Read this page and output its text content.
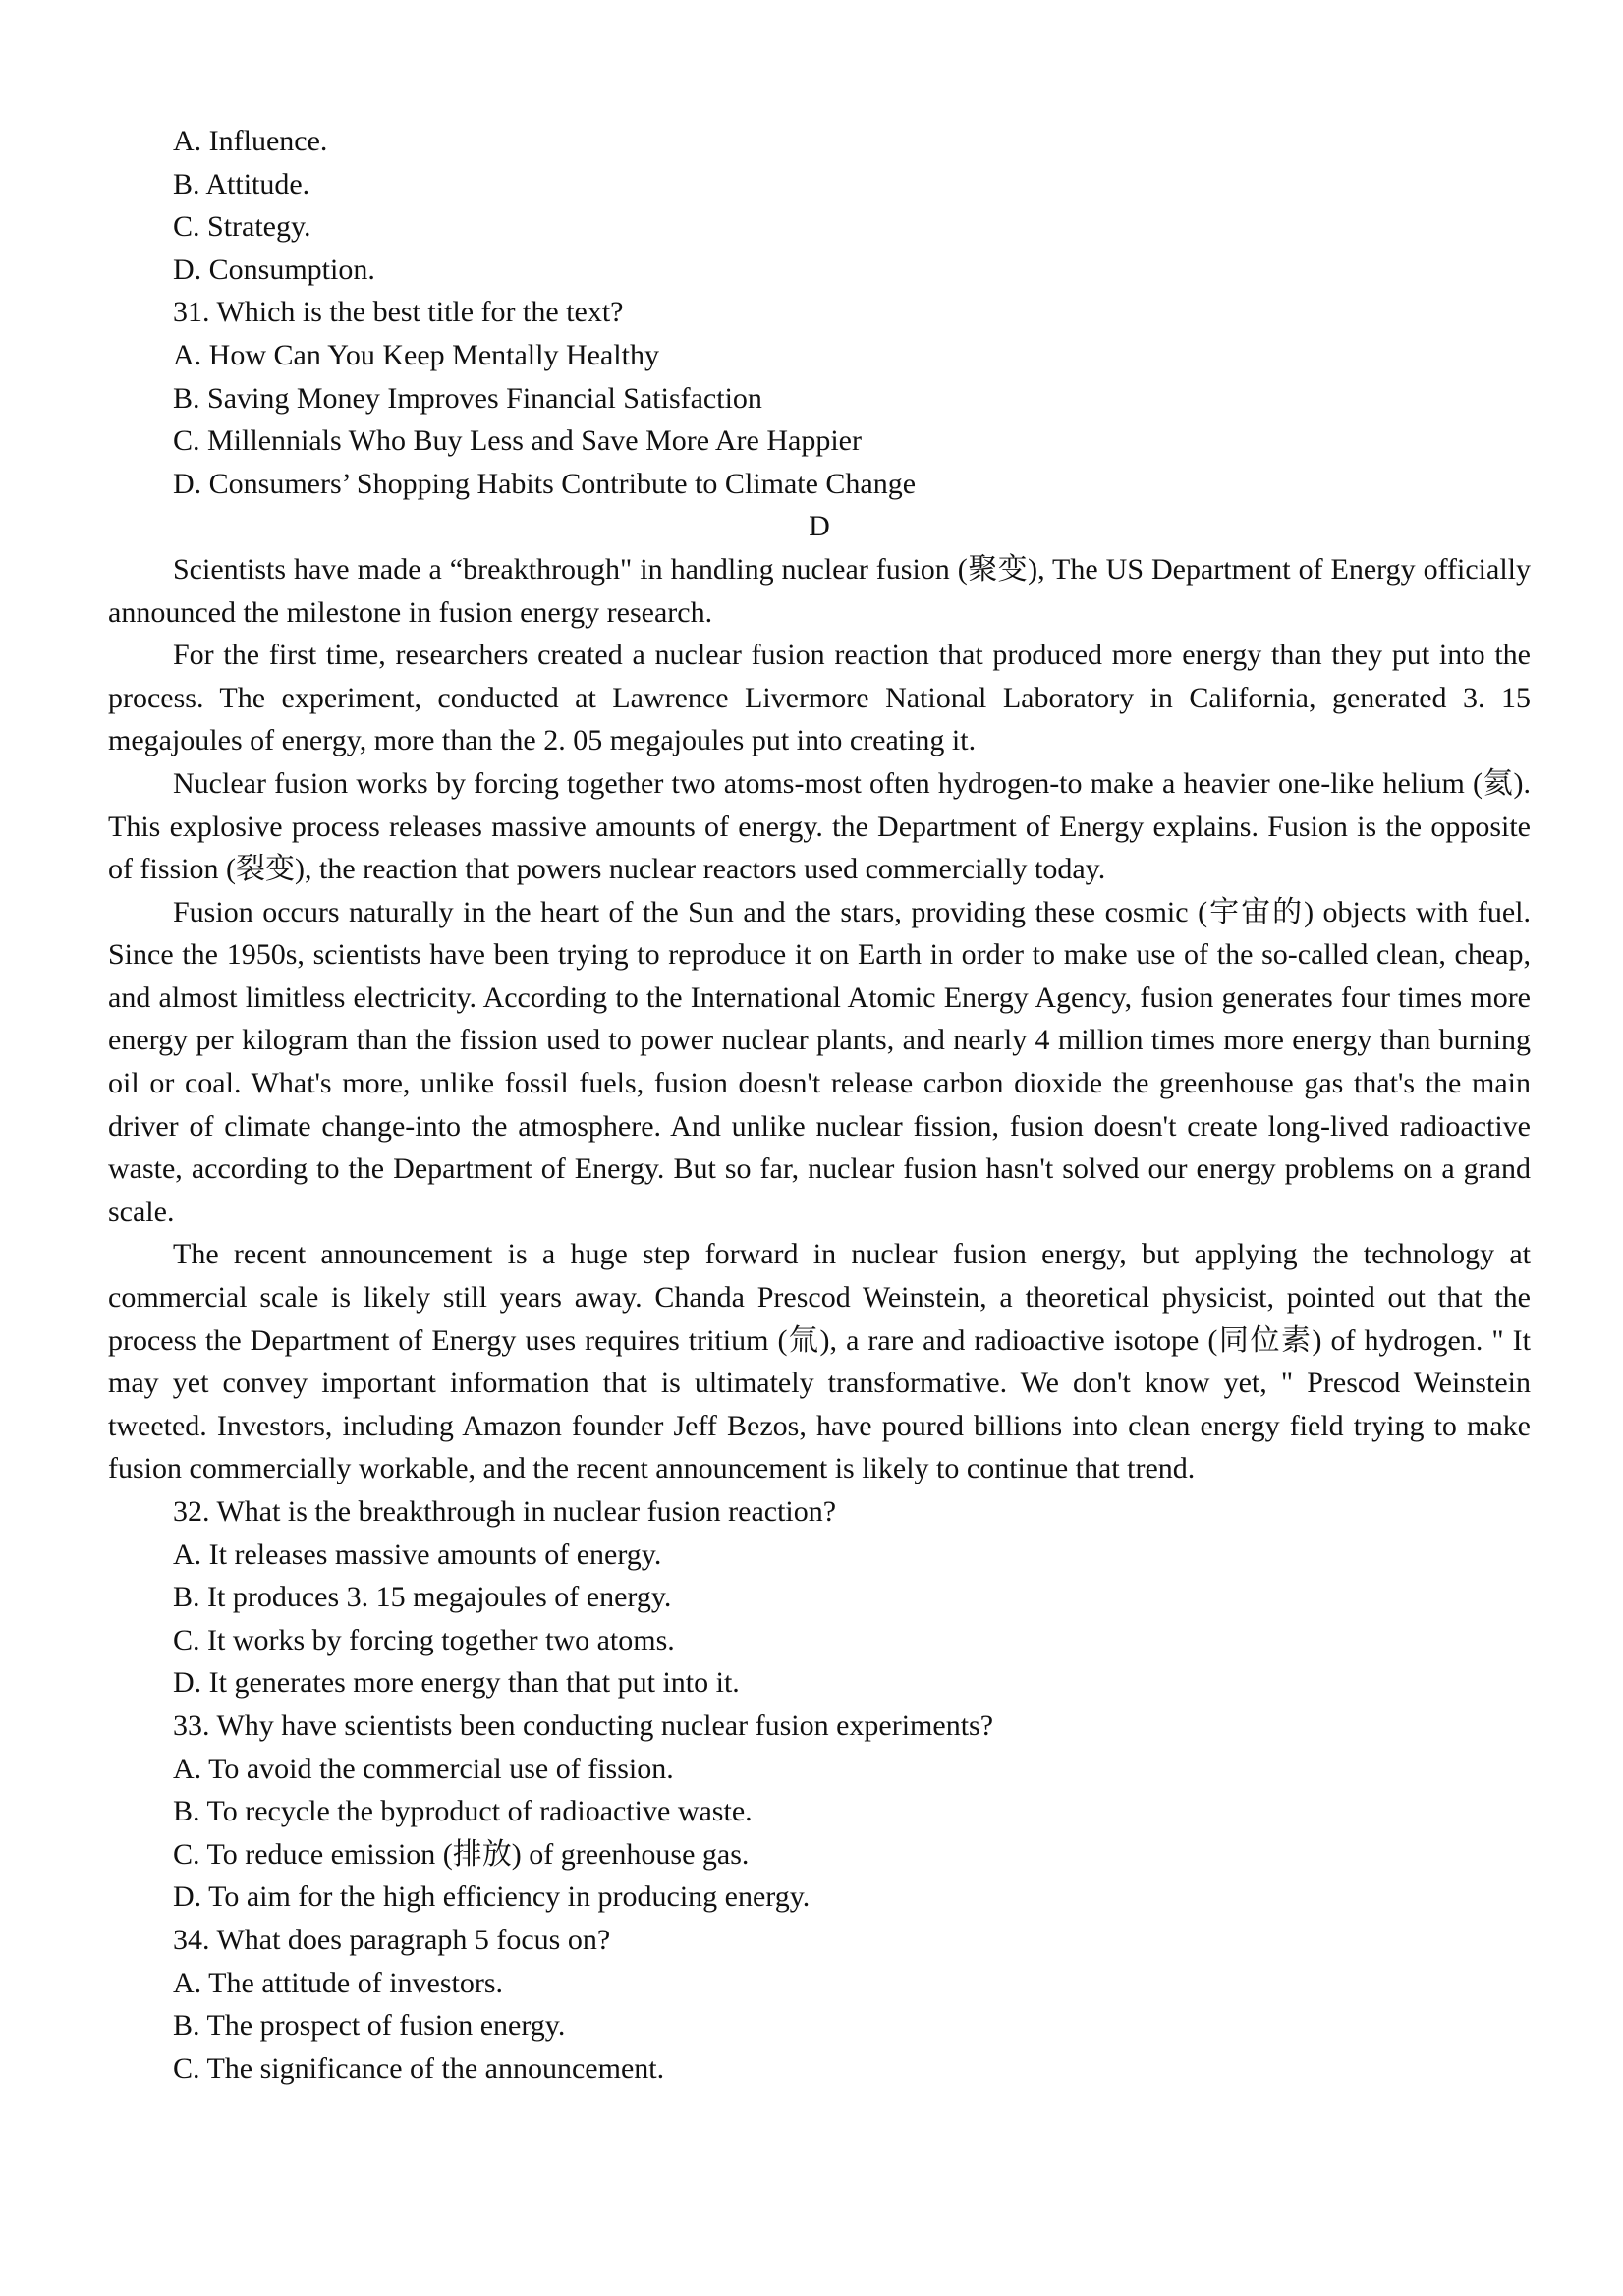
A. Influence.
B. Attitude.
C. Strategy.
D. Consumption.
31. Which is the best title for the text?
A. How Can You Keep Mentally Healthy
B. Saving Money Improves Financial Satisfaction
C. Millennials Who Buy Less and Save More Are Happier
D. Consumers’ Shopping Habits Contribute to Climate Change
D

Scientists have made a “breakthrough" in handling nuclear fusion (聚变), The US Department of Energy officially announced the milestone in fusion energy research.

For the first time, researchers created a nuclear fusion reaction that produced more energy than they put into the process. The experiment, conducted at Lawrence Livermore National Laboratory in California, generated 3. 15 megajoules of energy, more than the 2. 05 megajoules put into creating it.

Nuclear fusion works by forcing together two atoms-most often hydrogen-to make a heavier one-like helium (氦). This explosive process releases massive amounts of energy. the Department of Energy explains. Fusion is the opposite of fission (裂变), the reaction that powers nuclear reactors used commercially today.

Fusion occurs naturally in the heart of the Sun and the stars, providing these cosmic (宇宙的) objects with fuel. Since the 1950s, scientists have been trying to reproduce it on Earth in order to make use of the so-called clean, cheap, and almost limitless electricity. According to the International Atomic Energy Agency, fusion generates four times more energy per kilogram than the fission used to power nuclear plants, and nearly 4 million times more energy than burning oil or coal. What's more, unlike fossil fuels, fusion doesn't release carbon dioxide the greenhouse gas that's the main driver of climate change-into the atmosphere. And unlike nuclear fission, fusion doesn't create long-lived radioactive waste, according to the Department of Energy. But so far, nuclear fusion hasn't solved our energy problems on a grand scale.

The recent announcement is a huge step forward in nuclear fusion energy, but applying the technology at commercial scale is likely still years away. Chanda Prescod Weinstein, a theoretical physicist, pointed out that the process the Department of Energy uses requires tritium (氚), a rare and radioactive isotope (同位素) of hydrogen. " It may yet convey important information that is ultimately transformative. We don't know yet, " Prescod Weinstein tweeted. Investors, including Amazon founder Jeff Bezos, have poured billions into clean energy field trying to make fusion commercially workable, and the recent announcement is likely to continue that trend.

32. What is the breakthrough in nuclear fusion reaction?
A. It releases massive amounts of energy.
B. It produces 3. 15 megajoules of energy.
C. It works by forcing together two atoms.
D. It generates more energy than that put into it.
33. Why have scientists been conducting nuclear fusion experiments?
A. To avoid the commercial use of fission.
B. To recycle the byproduct of radioactive waste.
C. To reduce emission (排放) of greenhouse gas.
D. To aim for the high efficiency in producing energy.
34. What does paragraph 5 focus on?
A. The attitude of investors.
B. The prospect of fusion energy.
C. The significance of the announcement.
